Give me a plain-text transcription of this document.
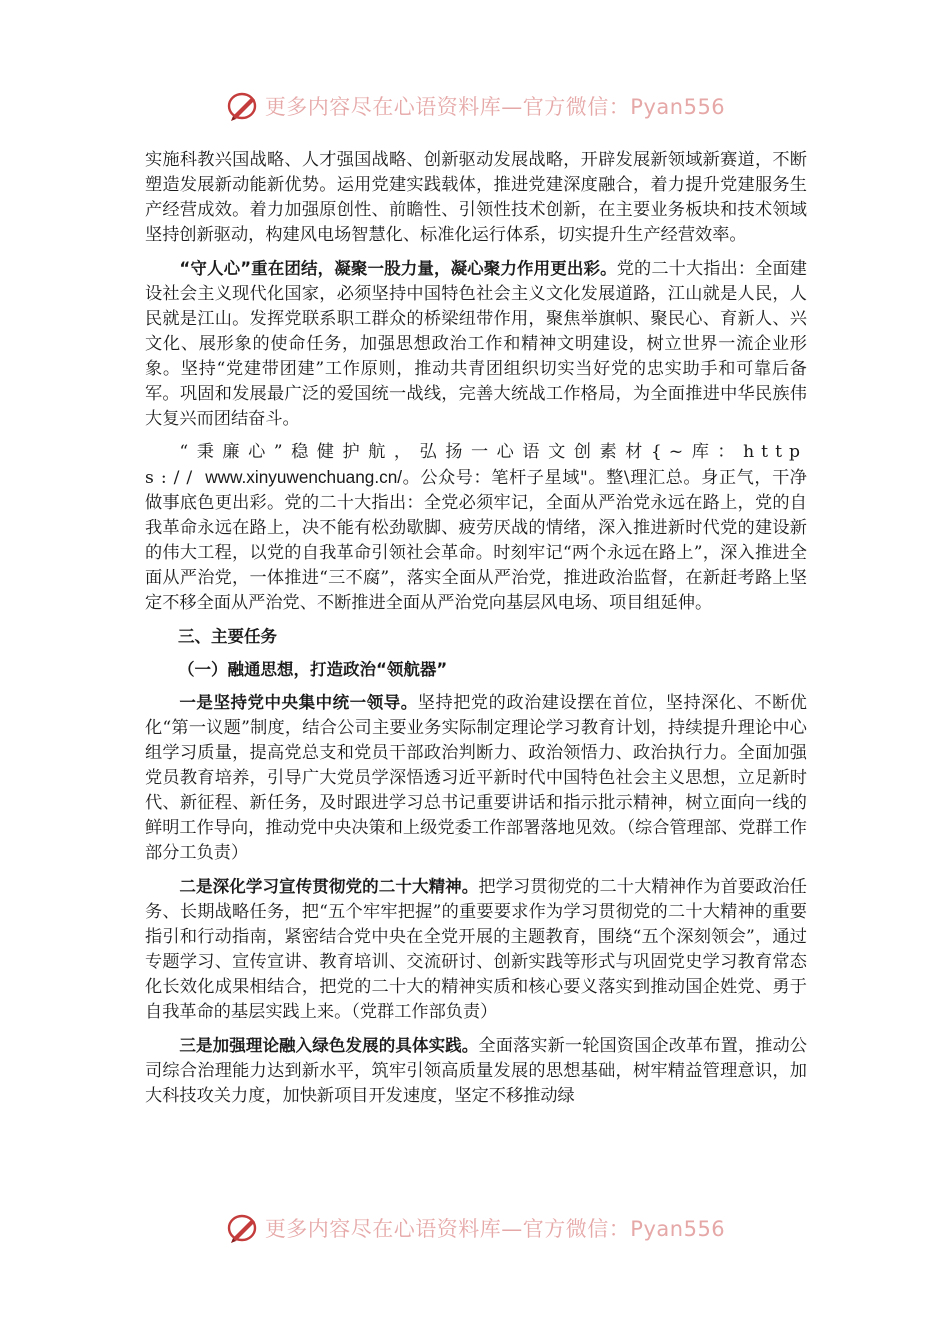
更多内容尽在心语资料库—官方微信：Pyan556

实施科教兴国战略、人才强国战略、创新驱动发展战略，开辟发展新领域新赛道，不断塑造发展新动能新优势。运用党建实践载体，推进党建深度融合，着力提升党建服务生产经营成效。着力加强原创性、前瞻性、引领性技术创新，在主要业务板块和技术领域坚持创新驱动，构建风电场智慧化、标准化运行体系，切实提升生产经营效率。

“守人心”重在团结，凝聚一股力量，凝心聚力作用更出彩。党的二十大指出：全面建设社会主义现代化国家，必须坚持中国特色社会主义文化发展道路，江山就是人民，人民就是江山。发挥党联系职工群众的桥梁纽带作用，聚焦举旗帜、聚民心、育新人、兴文化、展形象的使命任务，加强思想政治工作和精神文明建设，树立世界一流企业形象。坚持“党建带团建”工作原则，推动共青团组织切实当好党的忠实助手和可靠后备军。巩固和发展最广泛的爱国统一战线，完善大统战工作格局，为全面推进中华民族伟大复兴而团结奋斗。

“秉廉心”稳健护航，弘扬一心语文创素材{~库：https:// www.xinyuwenchuang.cn/。公众号：笔杆子星域"。整\理汇总。身正气，干净做事底色更出彩。党的二十大指出：全党必须牢记，全面从严治党永远在路上，党的自我革命永远在路上，决不能有松劲歇脚、疲劳厌战的情绪，深入推进新时代党的建设新的伟大工程，以党的自我革命引领社会革命。时刻牢记“两个永远在路上”，深入推进全面从严治党，一体推进“三不腐”，落实全面从严治党，推进政治监督，在新赶考路上坚定不移全面从严治党、不断推进全面从严治党向基层风电场、项目组延伸。

三、主要任务

（一）融通思想，打造政治“领航器”

一是坚持党中央集中统一领导。坚持把党的政治建设摆在首位，坚持深化、不断优化“第一议题”制度，结合公司主要业务实际制定理论学习教育计划，持续提升理论中心组学习质量，提高党总支和党员干部政治判断力、政治领悟力、政治执行力。全面加强党员教育培养，引导广大党员学深悟透习近平新时代中国特色社会主义思想，立足新时代、新征程、新任务，及时跟进学习总书记重要讲话和指示批示精神，树立面向一线的鲜明工作导向，推动党中央决策和上级党委工作部署落地见效。（综合管理部、党群工作部分工负责）

二是深化学习宣传贯彻党的二十大精神。把学习贯彻党的二十大精神作为首要政治任务、长期战略任务，把“五个牢牢把握”的重要要求作为学习贯彻党的二十大精神的重要指引和行动指南，紧密结合党中央在全党开展的主题教育，围绕“五个深刻领会”，通过专题学习、宣传宣讲、教育培训、交流研讨、创新实践等形式与巩固党史学习教育常态化长效化成果相结合，把党的二十大的精神实质和核心要义落实到推动国企姓党、勇于自我革命的基层实践上来。（党群工作部负责）

三是加强理论融入绿色发展的具体实践。全面落实新一轮国资国企改革布置，推动公司综合治理能力达到新水平，筑牢引领高质量发展的思想基础，树牢精益管理意识，加大科技攻关力度，加快新项目开发速度，坚定不移推动绿

更多内容尽在心语资料库—官方微信：Pyan556
